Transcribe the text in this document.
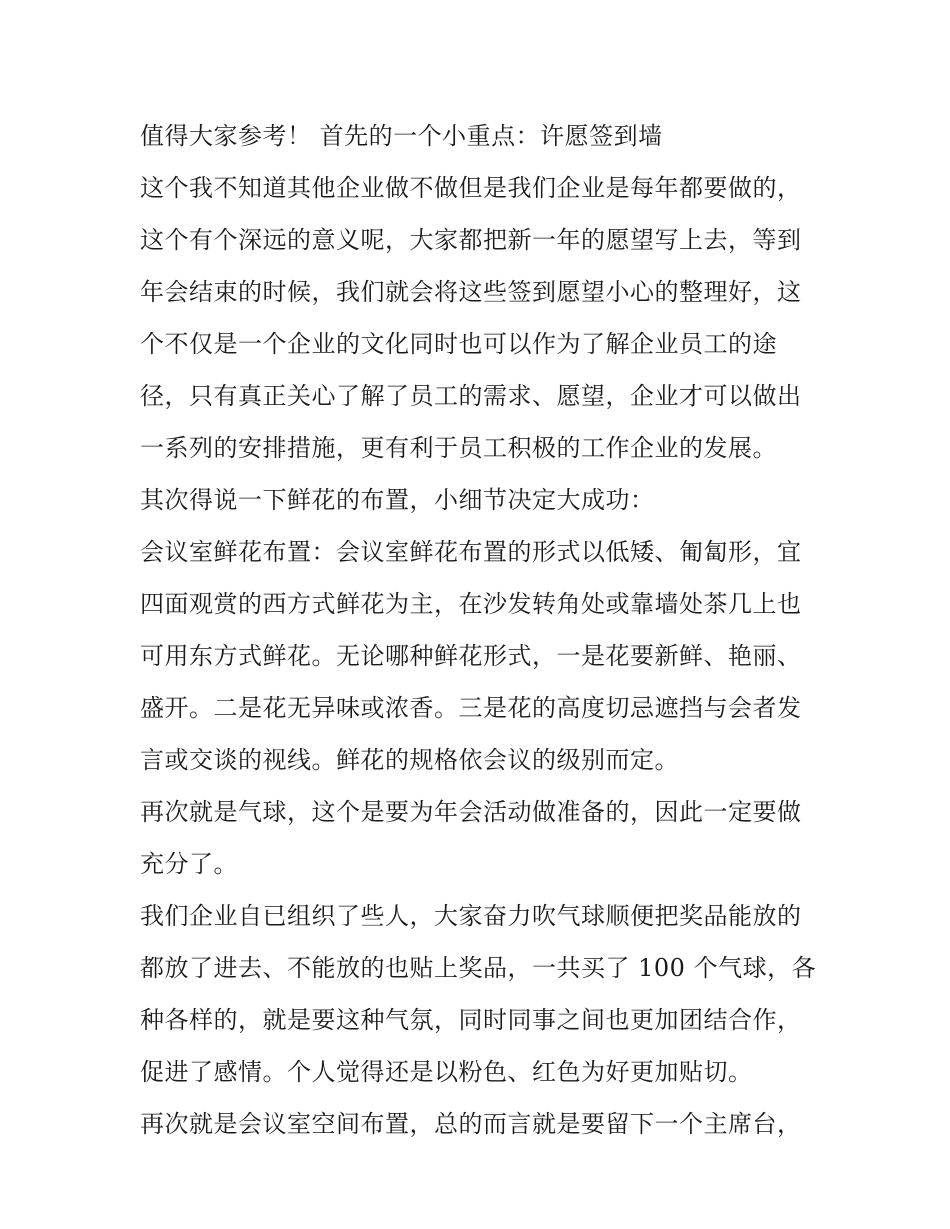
值得大家参考！ 首先的一个小重点：许愿签到墙

这个我不知道其他企业做不做但是我们企业是每年都要做的，

这个有个深远的意义呢，大家都把新一年的愿望写上去，等到

年会结束的时候，我们就会将这些签到愿望小心的整理好，这

个不仅是一个企业的文化同时也可以作为了解企业员工的途

径，只有真正关心了解了员工的需求、愿望，企业才可以做出

一系列的安排措施，更有利于员工积极的工作企业的发展。

其次得说一下鲜花的布置，小细节决定大成功：

会议室鲜花布置：会议室鲜花布置的形式以低矮、匍匐形，宜

四面观赏的西方式鲜花为主，在沙发转角处或靠墙处茶几上也

可用东方式鲜花。无论哪种鲜花形式，一是花要新鲜、艳丽、

盛开。二是花无异味或浓香。三是花的高度切忌遮挡与会者发

言或交谈的视线。鲜花的规格依会议的级别而定。

再次就是气球，这个是要为年会活动做准备的，因此一定要做

充分了。

我们企业自已组织了些人，大家奋力吹气球顺便把奖品能放的

都放了进去、不能放的也贴上奖品，一共买了 100 个气球，各

种各样的，就是要这种气氛，同时同事之间也更加团结合作，

促进了感情。个人觉得还是以粉色、红色为好更加贴切。

再次就是会议室空间布置，总的而言就是要留下一个主席台，
